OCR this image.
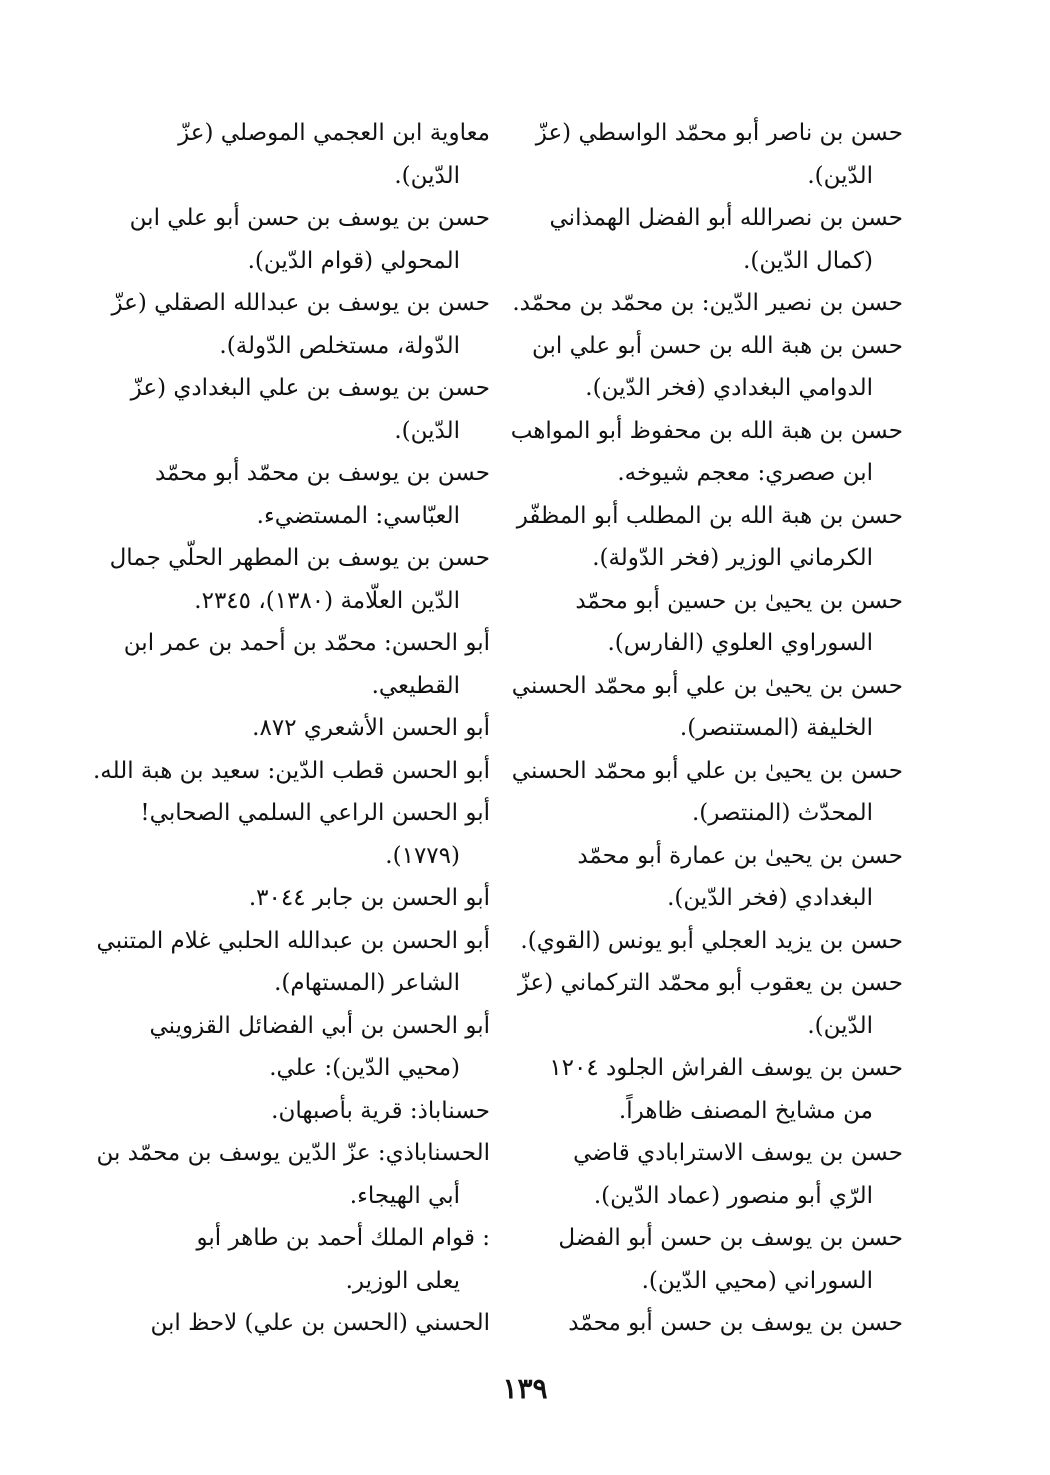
حسن بن ناصر أبو محمّد الواسطي (عزّ
الدّين).
حسن بن نصرالله أبو الفضل الهمذاني
(كمال الدّين).
حسن بن نصير الدّين: بن محمّد بن محمّد.
حسن بن هبة الله بن حسن أبو علي ابن
الدوامي البغدادي (فخر الدّين).
حسن بن هبة الله بن محفوظ أبو المواهب
ابن صصري: معجم شيوخه.
حسن بن هبة الله بن المطلب أبو المظفّر
الكرماني الوزير (فخر الدّولة).
حسن بن يحيىٰ بن حسين أبو محمّد
السوراوي العلوي (الفارس).
حسن بن يحيىٰ بن علي أبو محمّد الحسني
الخليفة (المستنصر).
حسن بن يحيىٰ بن علي أبو محمّد الحسني
المحدّث (المنتصر).
حسن بن يحيىٰ بن عمارة أبو محمّد
البغدادي (فخر الدّين).
حسن بن يزيد العجلي أبو يونس (القوي).
حسن بن يعقوب أبو محمّد التركماني (عزّ
الدّين).
حسن بن يوسف الفراش الجلود ١٢٠٤
من مشايخ المصنف ظاهراً.
حسن بن يوسف الاسترابادي قاضي
الرّي أبو منصور (عماد الدّين).
حسن بن يوسف بن حسن أبو الفضل
السوراني (محيي الدّين).
حسن بن يوسف بن حسن أبو محمّد
معاوية ابن العجمي الموصلي (عزّ
الدّين).
حسن بن يوسف بن حسن أبو علي ابن
المحولي (قوام الدّين).
حسن بن يوسف بن عبدالله الصقلي (عزّ
الدّولة، مستخلص الدّولة).
حسن بن يوسف بن علي البغدادي (عزّ
الدّين).
حسن بن يوسف بن محمّد أبو محمّد
العبّاسي: المستضيء.
حسن بن يوسف بن المطهر الحلّي جمال
الدّين العلّامة (١٣٨٠)، ٢٣٤٥.
أبو الحسن: محمّد بن أحمد بن عمر ابن
القطيعي.
أبو الحسن الأشعري ٨٧٢.
أبو الحسن قطب الدّين: سعيد بن هبة الله.
أبو الحسن الراعي السلمي الصحابي!
(١٧٧٩).
أبو الحسن بن جابر ٣٠٤٤.
أبو الحسن بن عبدالله الحلبي غلام المتنبي
الشاعر (المستهام).
أبو الحسن بن أبي الفضائل القزويني
(محيي الدّين): علي.
حسناباذ: قرية بأصبهان.
الحسناباذي: عزّ الدّين يوسف بن محمّد بن
أبي الهيجاء.
: قوام الملك أحمد بن طاهر أبو
يعلى الوزير.
الحسني (الحسن بن علي) لاحظ ابن
١٣٩
